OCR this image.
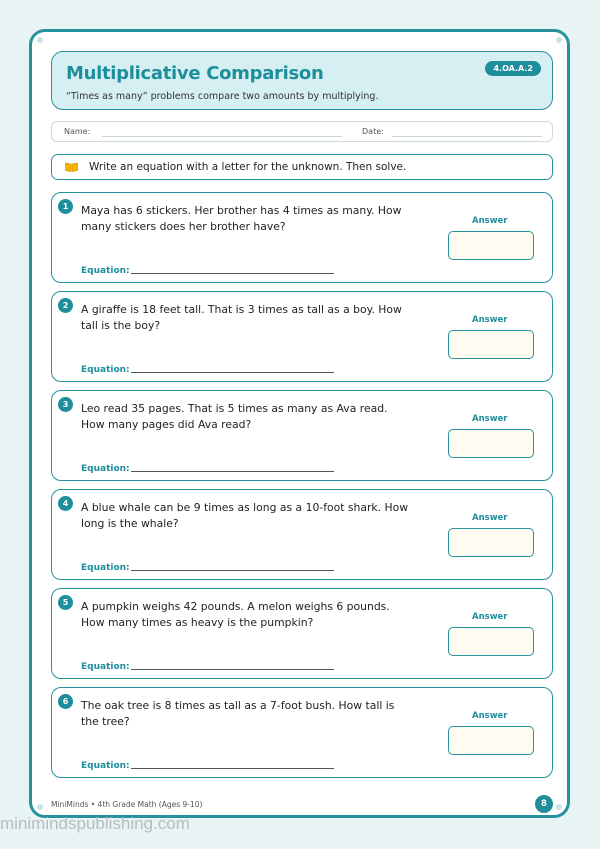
Multiplicative Comparison
“Times as many” problems compare two amounts by multiplying.
4.OA.A.2
Name:	Date:
Write an equation with a letter for the unknown. Then solve.
1	Maya has 6 stickers. Her brother has 4 times as many. How many stickers does her brother have?
Equation:
Answer
2	A giraffe is 18 feet tall. That is 3 times as tall as a boy. How tall is the boy?
Equation:
Answer
3	Leo read 35 pages. That is 5 times as many as Ava read. How many pages did Ava read?
Equation:
Answer
4	A blue whale can be 9 times as long as a 10-foot shark. How long is the whale?
Equation:
Answer
5	A pumpkin weighs 42 pounds. A melon weighs 6 pounds. How many times as heavy is the pumpkin?
Equation:
Answer
6	The oak tree is 8 times as tall as a 7-foot bush. How tall is the tree?
Equation:
Answer
MiniMinds • 4th Grade Math (Ages 9-10)	8
minimindspublishing.com
